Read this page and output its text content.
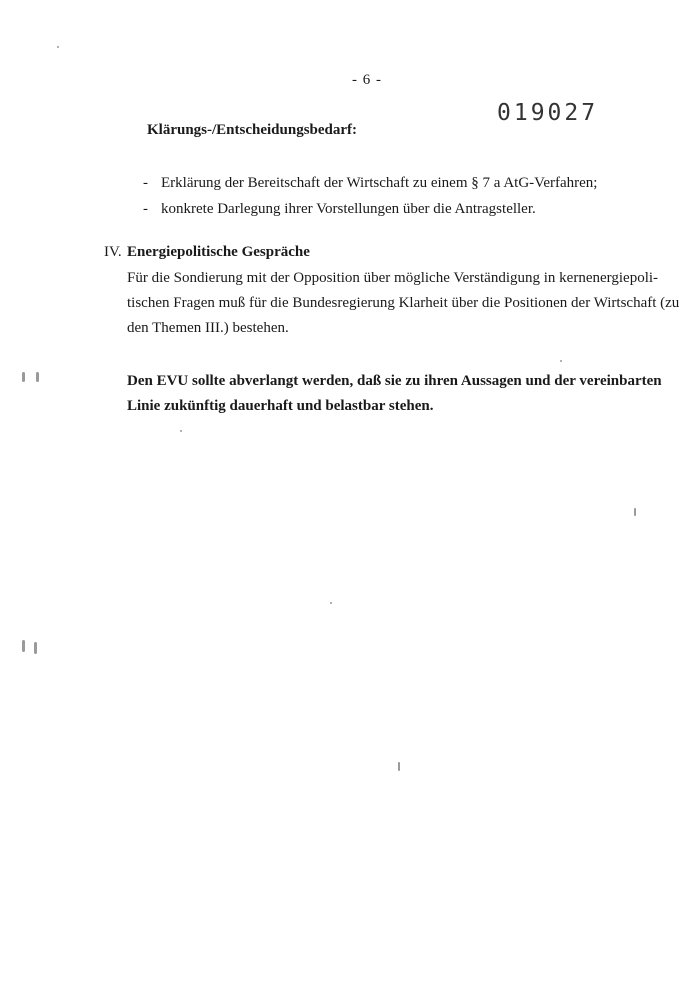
- 6 -
019027
Klärungs-/Entscheidungsbedarf:
- Erklärung der Bereitschaft der Wirtschaft zu einem § 7 a AtG-Verfahren;
- konkrete Darlegung ihrer Vorstellungen über die Antragsteller.
IV. Energiepolitische Gespräche
Für die Sondierung mit der Opposition über mögliche Verständigung in kernenergiepoli-
tischen Fragen muß für die Bundesregierung Klarheit über die Positionen der Wirtschaft (zu
den Themen III.) bestehen.
Den EVU sollte abverlangt werden, daß sie zu ihren Aussagen und der vereinbarten
Linie zukünftig dauerhaft und belastbar stehen.
